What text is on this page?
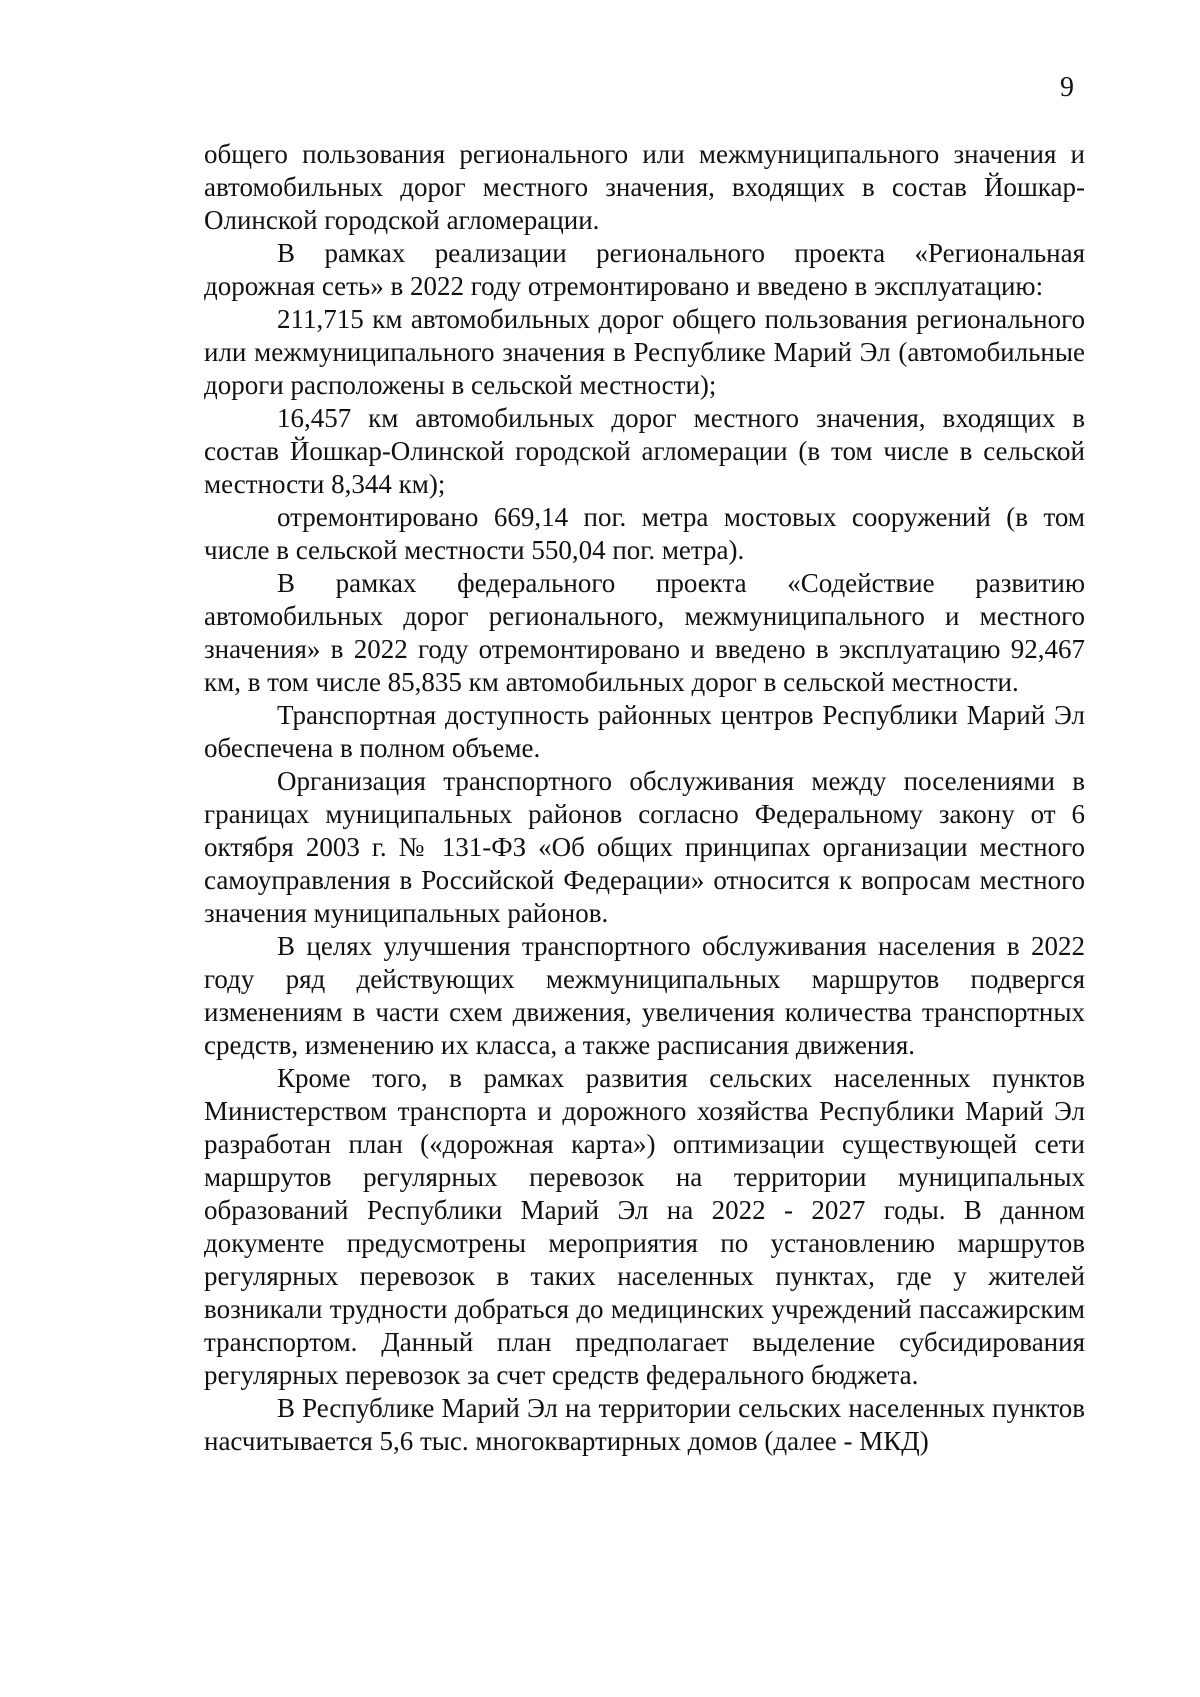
9

общего пользования регионального или межмуниципального значения и автомобильных дорог местного значения, входящих в состав Йошкар-Олинской городской агломерации.

В рамках реализации регионального проекта «Региональная дорожная сеть» в 2022 году отремонтировано и введено в эксплуатацию:

211,715 км автомобильных дорог общего пользования регионального или межмуниципального значения в Республике Марий Эл (автомобильные дороги расположены в сельской местности);

16,457 км автомобильных дорог местного значения, входящих в состав Йошкар-Олинской городской агломерации (в том числе в сельской местности 8,344 км);

отремонтировано 669,14 пог. метра мостовых сооружений (в том числе в сельской местности 550,04 пог. метра).

В рамках федерального проекта «Содействие развитию автомобильных дорог регионального, межмуниципального и местного значения» в 2022 году отремонтировано и введено в эксплуатацию 92,467 км, в том числе 85,835 км автомобильных дорог в сельской местности.

Транспортная доступность районных центров Республики Марий Эл обеспечена в полном объеме.

Организация транспортного обслуживания между поселениями в границах муниципальных районов согласно Федеральному закону от 6 октября 2003 г. № 131-ФЗ «Об общих принципах организации местного самоуправления в Российской Федерации» относится к вопросам местного значения муниципальных районов.

В целях улучшения транспортного обслуживания населения в 2022 году ряд действующих межмуниципальных маршрутов подвергся изменениям в части схем движения, увеличения количества транспортных средств, изменению их класса, а также расписания движения.

Кроме того, в рамках развития сельских населенных пунктов Министерством транспорта и дорожного хозяйства Республики Марий Эл разработан план («дорожная карта») оптимизации существующей сети маршрутов регулярных перевозок на территории муниципальных образований Республики Марий Эл на 2022 - 2027 годы. В данном документе предусмотрены мероприятия по установлению маршрутов регулярных перевозок в таких населенных пунктах, где у жителей возникали трудности добраться до медицинских учреждений пассажирским транспортом. Данный план предполагает выделение субсидирования регулярных перевозок за счет средств федерального бюджета.

В Республике Марий Эл на территории сельских населенных пунктов насчитывается 5,6 тыс. многоквартирных домов (далее - МКД)
